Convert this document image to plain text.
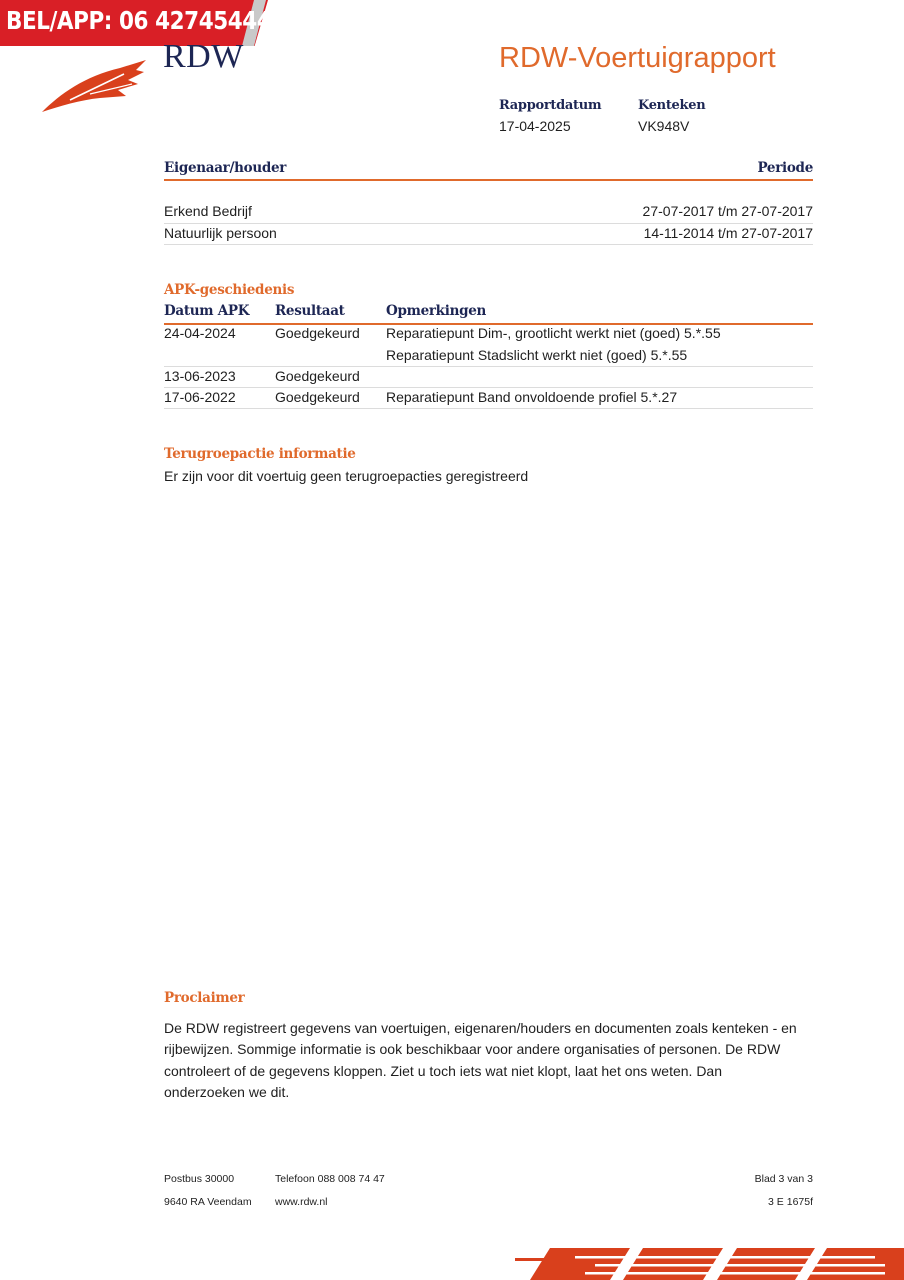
BEL/APP: 06 42745444
RDW	RDW-Voertuigrapport
Rapportdatum
17-04-2025
Kenteken
VK948V
Eigenaar/houder	Periode
Erkend Bedrijf	27-07-2017 t/m 27-07-2017
Natuurlijk persoon	14-11-2014 t/m 27-07-2017
APK-geschiedenis
Datum APK Resultaat	Opmerkingen
24-04-2024	Goedgekeurd Reparatiepunt Dim-, grootlicht werkt niet (goed) 5.*.55
Reparatiepunt Stadslicht werkt niet (goed) 5.*.55
13-06-2023	Goedgekeurd
17-06-2022	Goedgekeurd Reparatiepunt Band onvoldoende profiel 5.*.27
Terugroepactie informatie
Er zijn voor dit voertuig geen terugroepacties geregistreerd
Proclaimer
De RDW registreert gegevens van voertuigen, eigenaren/houders en documenten zoals kenteken - en rijbewijzen. Sommige informatie is ook beschikbaar voor andere organisaties of personen. De RDW controleert of de gegevens kloppen. Ziet u toch iets wat niet klopt, laat het ons weten. Dan onderzoeken we dit.
Postbus 30000
9640 RA Veendam
Telefoon 088 008 74 47
www.rdw.nl
Blad 3 van 3
3 E 1675f
